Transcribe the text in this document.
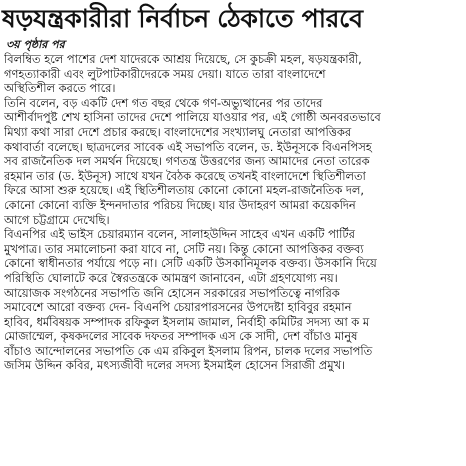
ষড়যন্ত্রকারীরা নির্বাচন ঠেকাতে পারবে
৩য় পৃষ্ঠার পর
বিলম্বিত হলে পাশের দেশ যাদেরকে আশ্রয় দিয়েছে, সে কুচক্রী মহল, ষড়যন্ত্রকারী,
গণহত্যাকারী এবং লুটপাটকারীদেরকে সময় দেয়া। যাতে তারা বাংলাদেশে
অস্থিতিশীল করতে পারে।
তিনি বলেন, বড় একটি দেশ গত বছর থেকে গণ-অভ্যুত্থানের পর তাদের
আশীর্বাদপুষ্ট শেখ হাসিনা তাদের দেশে পালিয়ে যাওয়ার পর, এই গোষ্ঠী অনবরতভাবে
মিথ্যা কথা সারা দেশে প্রচার করছে। বাংলাদেশের সংখ্যালঘু নেতারা আপত্তিকর
কথাবার্তা বলেছে। ছাত্রদলের সাবেক এই সভাপতি বলেন, ড. ইউনূসকে বিএনপিসহ
সব রাজনৈতিক দল সমর্থন দিয়েছে। গণতন্ত্র উত্তরণের জন্য আমাদের নেতা তারেক
রহমান তার (ড. ইউনূস) সাথে যখন বৈঠক করেছে তখনই বাংলাদেশে স্থিতিশীলতা
ফিরে আসা শুরু হয়েছে। এই স্থিতিশীলতায় কোনো কোনো মহল-রাজনৈতিক দল,
কোনো কোনো ব্যক্তি ইন্দনদাতার পরিচয় দিচ্ছে। যার উদাহরণ আমরা কয়েকদিন
আগে চট্টগ্রামে দেখেছি।
বিএনপির এই ভাইস চেয়ারম্যান বলেন, সালাহউদ্দিন সাহেব এখন একটি পার্টির
মুখপাত্র। তার সমালোচনা করা যাবে না, সেটি নয়। কিন্তু কোনো আপত্তিকর বক্তব্য
কোনো স্বাধীনতার পর্যায়ে পড়ে না। সেটি একটি উসকানিমূলক বক্তব্য। উসকানি দিয়ে
পরিস্থিতি ঘোলাটে করে স্বৈরতন্ত্রকে আমন্ত্রণ জানাবেন, এটা গ্রহণযোগ্য নয়।
আয়োজক সংগঠনের সভাপতি জনি হোসেন সরকারের সভাপতিত্বে নাগরিক
সমাবেশে আরো বক্তব্য দেন- বিএনপি চেয়ারপারসনের উপদেষ্টা হাবিবুর রহমান
হাবিব, ধর্মবিষয়ক সম্পাদক রফিকুল ইসলাম জামাল, নির্বাহী কমিটির সদস্য আ ক ম
মোজাম্মেল, কৃষকদলের সাবেক দফতর সম্পাদক এস কে সাদী, দেশ বাঁচাও মানুষ
বাঁচাও আন্দোলনের সভাপতি কে এম রকিবুল ইসলাম রিপন, চালক দলের সভাপতি
জসিম উদ্দিন কবির, মৎস্যজীবী দলের সদস্য ইসমাইল হোসেন সিরাজী প্রমুখ।
